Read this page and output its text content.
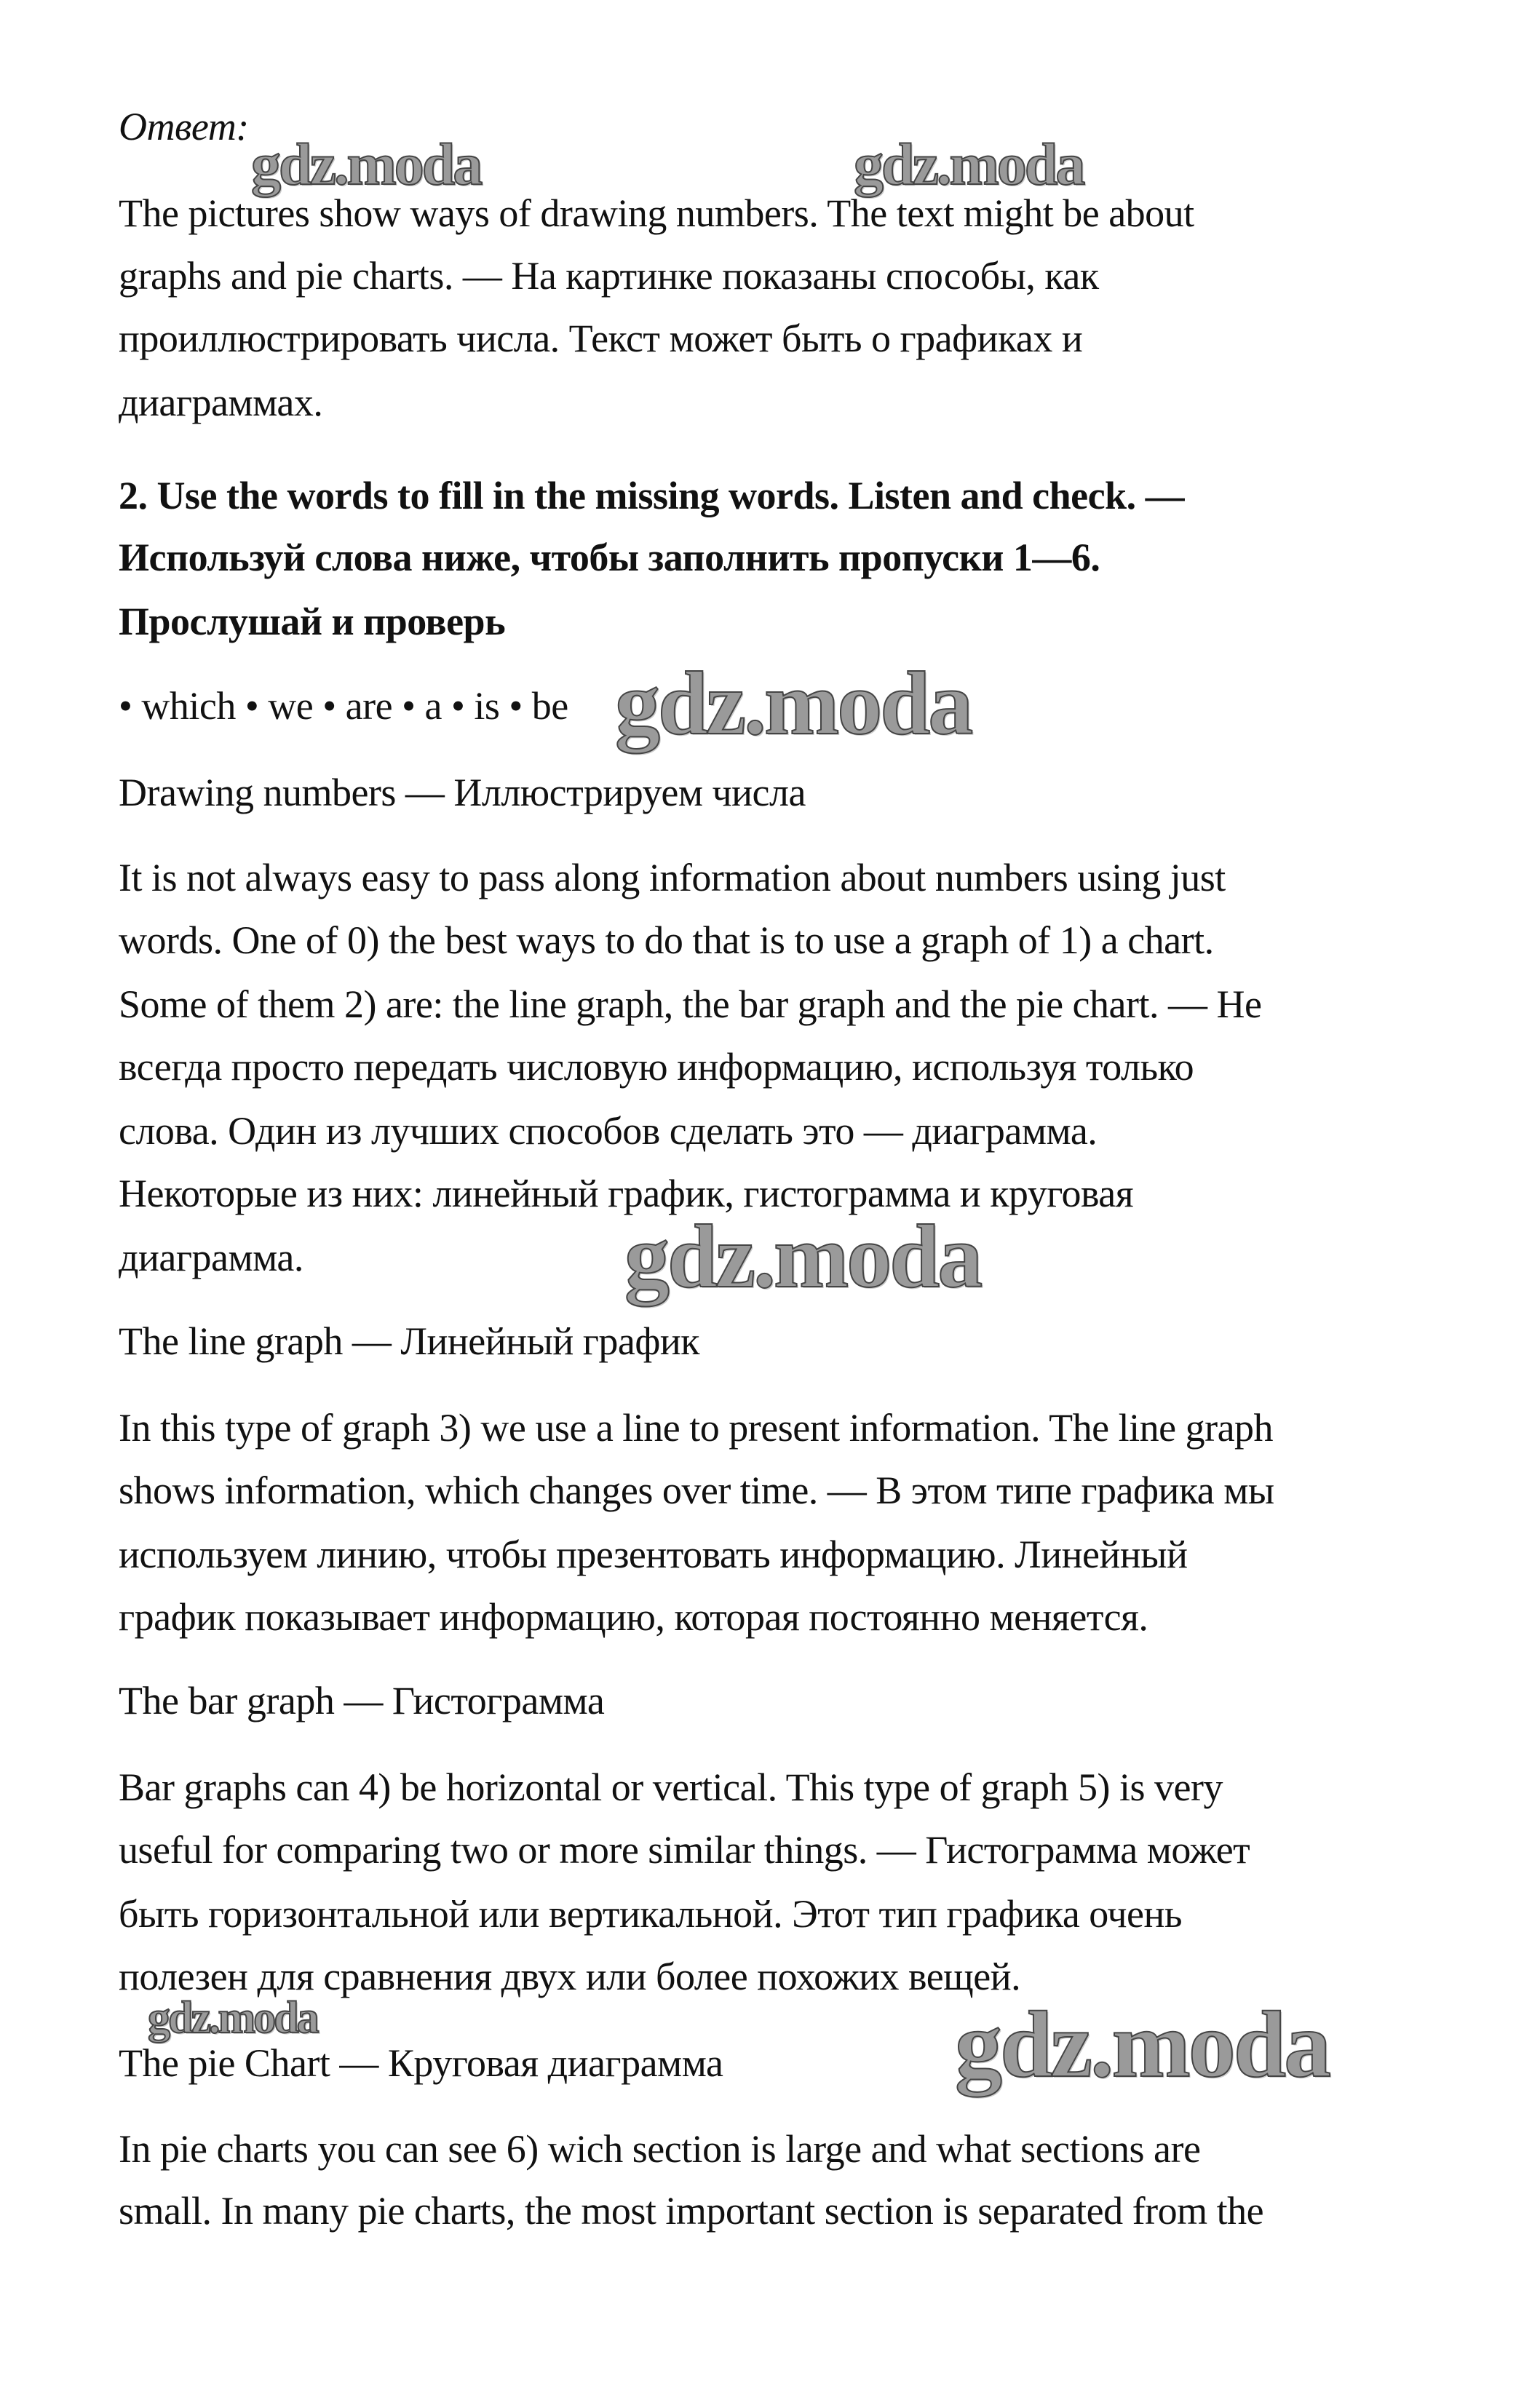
Ответ:
The pictures show ways of drawing numbers. The text might be about
graphs and pie charts. — На картинке показаны способы, как
проиллюстрировать числа. Текст может быть о графиках и
диаграммах.
2. Use the words to fill in the missing words. Listen and check. —
Используй слова ниже, чтобы заполнить пропуски 1—6.
Прослушай и проверь
• which • we • are • a • is • be
Drawing numbers — Иллюстрируем числа
It is not always easy to pass along information about numbers using just
words. One of 0) the best ways to do that is to use a graph of 1) a chart.
Some of them 2) are: the line graph, the bar graph and the pie chart. — Не
всегда просто передать числовую информацию, используя только
слова. Один из лучших способов сделать это — диаграмма.
Некоторые из них: линейный график, гистограмма и круговая
диаграмма.
The line graph — Линейный график
In this type of graph 3) we use a line to present information. The line graph
shows information, which changes over time. — В этом типе графика мы
используем линию, чтобы презентовать информацию. Линейный
график показывает информацию, которая постоянно меняется.
The bar graph — Гистограмма
Bar graphs can 4) be horizontal or vertical. This type of graph 5) is very
useful for comparing two or more similar things. — Гистограмма может
быть горизонтальной или вертикальной. Этот тип графика очень
полезен для сравнения двух или более похожих вещей.
The pie Chart — Круговая диаграмма
In pie charts you can see 6) wich section is large and what sections are
small. In many pie charts, the most important section is separated from the
gdz.moda	gdz.moda
gdz.moda
gdz.moda
gdz.moda	gdz.moda
